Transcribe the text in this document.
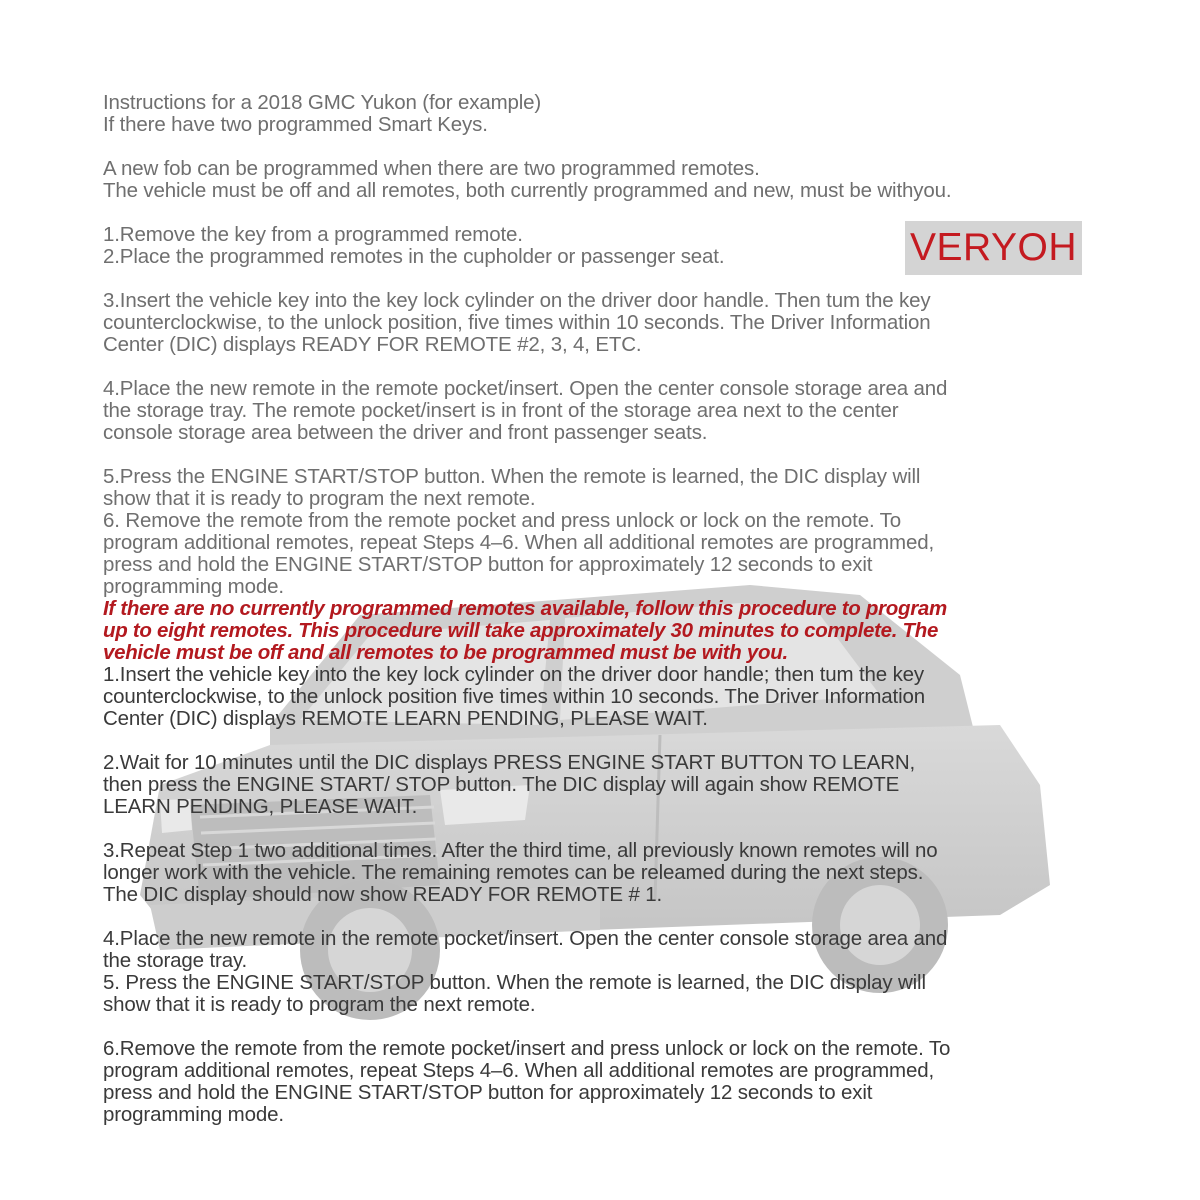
VERYOH
Instructions for a 2018 GMC Yukon (for example)
If there have two programmed Smart Keys.
A new fob can be programmed when there are two programmed remotes.
The vehicle must be off and all remotes, both currently programmed and new, must be withyou.
1.Remove the key from a programmed remote.
2.Place the programmed remotes in the cupholder or passenger seat.
3.Insert the vehicle key into the key lock cylinder on the driver door handle. Then tum the key
counterclockwise, to the unlock position, five times within 10 seconds. The Driver Information
Center (DIC) displays READY FOR REMOTE #2, 3, 4, ETC.
4.Place the new remote in the remote pocket/insert. Open the center console storage area and
the storage tray. The remote pocket/insert is in front of the storage area next to the center
console storage area between the driver and front passenger seats.
5.Press the ENGINE START/STOP button. When the remote is learned, the DIC display will
show that it is ready to program the next remote.
6. Remove the remote from the remote pocket and press unlock or lock on the remote. To
program additional remotes, repeat Steps 4–6. When all additional remotes are programmed,
press and hold the ENGINE START/STOP button for approximately 12 seconds to exit
programming mode.
If there are no currently programmed remotes available, follow this procedure to program
up to eight remotes. This procedure will take approximately 30 minutes to complete. The
vehicle must be off and all remotes to be programmed must be with you.
1.Insert the vehicle key into the key lock cylinder on the driver door handle; then tum the key
counterclockwise, to the unlock position five times within 10 seconds. The Driver Information
Center (DIC) displays REMOTE LEARN PENDING, PLEASE WAIT.
2.Wait for 10 minutes until the DIC displays PRESS ENGINE START BUTTON TO LEARN,
then press the ENGINE START/ STOP button. The DIC display will again show REMOTE
LEARN PENDING, PLEASE WAIT.
3.Repeat Step 1 two additional times. After the third time, all previously known remotes will no
longer work with the vehicle. The remaining remotes can be releamed during the next steps.
The DIC display should now show READY FOR REMOTE # 1.
4.Place the new remote in the remote pocket/insert. Open the center console storage area and
the storage tray.
5. Press the ENGINE START/STOP button. When the remote is learned, the DIC display will
show that it is ready to program the next remote.
6.Remove the remote from the remote pocket/insert and press unlock or lock on the remote. To
program additional remotes, repeat Steps 4–6. When all additional remotes are programmed,
press and hold the ENGINE START/STOP button for approximately 12 seconds to exit
programming mode.
